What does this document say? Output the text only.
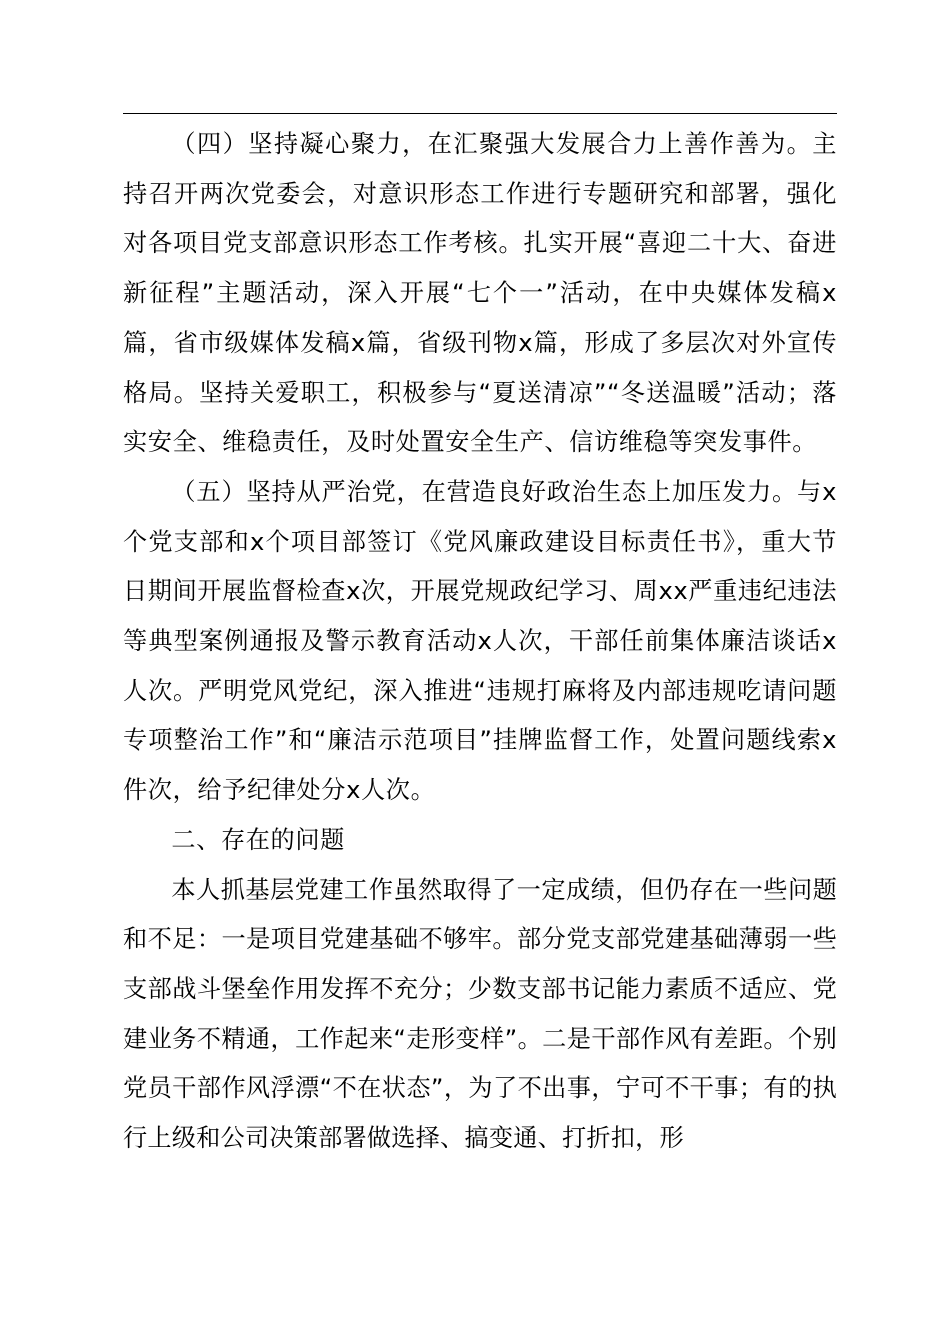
（四）坚持凝心聚力，在汇聚强大发展合力上善作善为。主持召开两次党委会，对意识形态工作进行专题研究和部署，强化对各项目党支部意识形态工作考核。扎实开展“喜迎二十大、奋进新征程”主题活动，深入开展“七个一”活动，在中央媒体发稿x篇，省市级媒体发稿x篇，省级刊物x篇，形成了多层次对外宣传格局。坚持关爱职工，积极参与“夏送清凉”“冬送温暖”活动；落实安全、维稳责任，及时处置安全生产、信访维稳等突发事件。

（五）坚持从严治党，在营造良好政治生态上加压发力。与x个党支部和x个项目部签订《党风廉政建设目标责任书》，重大节日期间开展监督检查x次，开展党规政纪学习、周xx严重违纪违法等典型案例通报及警示教育活动x人次，干部任前集体廉洁谈话x人次。严明党风党纪，深入推进“违规打麻将及内部违规吃请问题专项整治工作”和“廉洁示范项目”挂牌监督工作，处置问题线索x件次，给予纪律处分x人次。

二、存在的问题

本人抓基层党建工作虽然取得了一定成绩，但仍存在一些问题和不足：一是项目党建基础不够牢。部分党支部党建基础薄弱一些支部战斗堡垒作用发挥不充分；少数支部书记能力素质不适应、党建业务不精通，工作起来“走形变样”。二是干部作风有差距。个别党员干部作风浮漂“不在状态”，为了不出事，宁可不干事；有的执行上级和公司决策部署做选择、搞变通、打折扣，形
